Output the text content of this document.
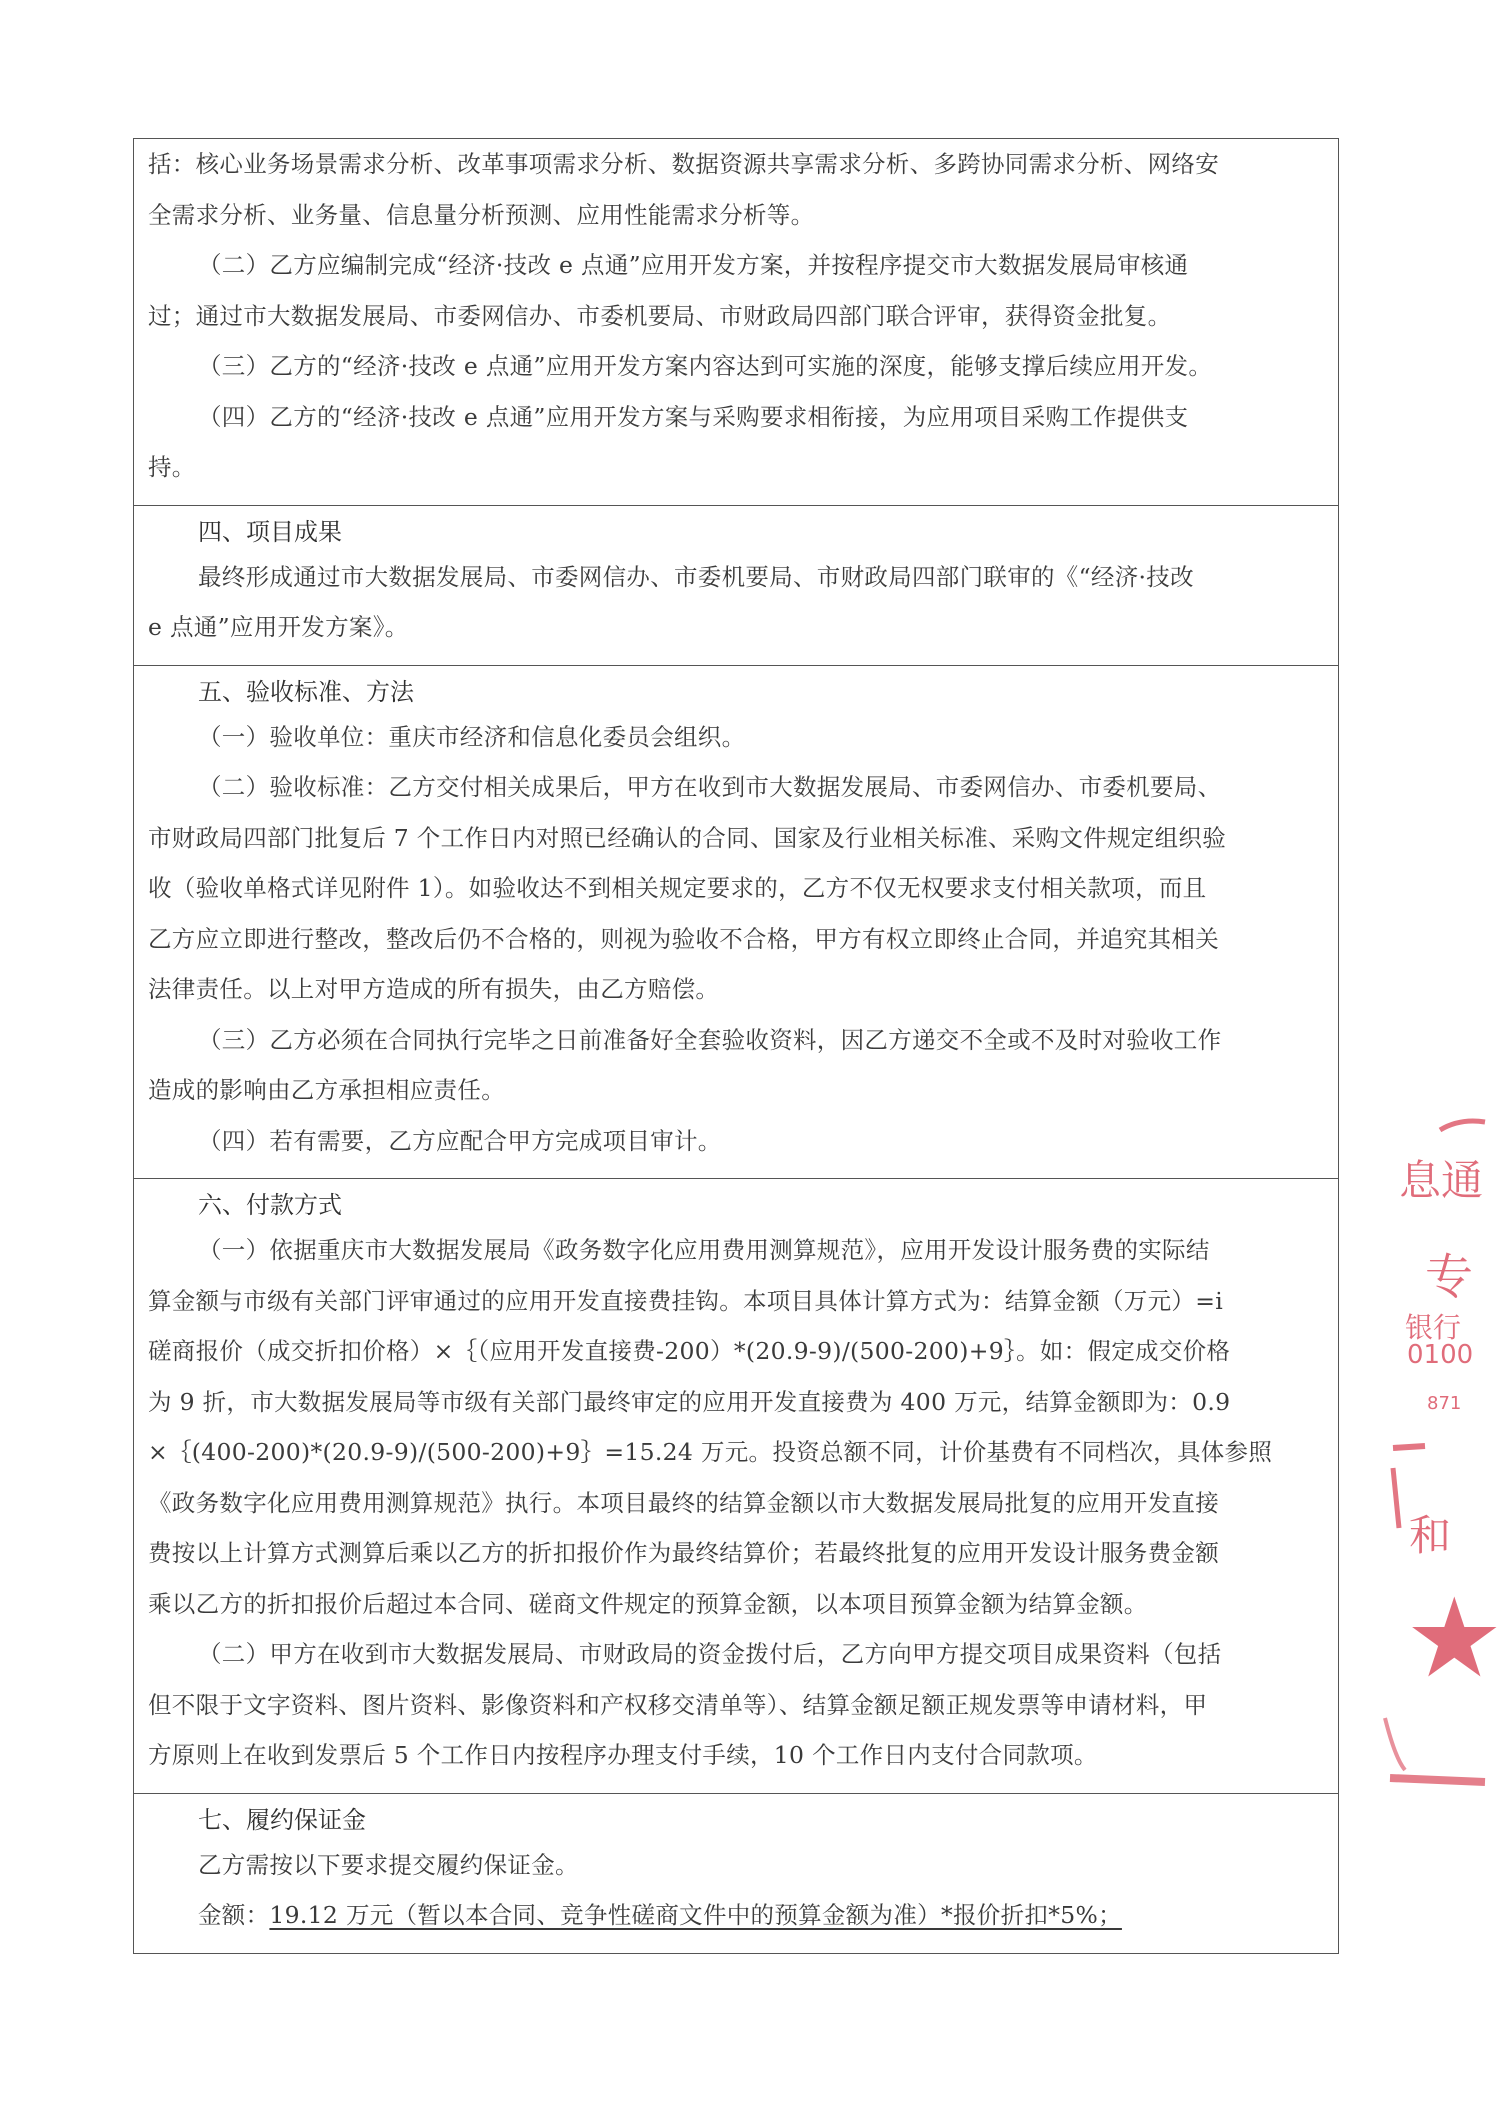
括：核心业务场景需求分析、改革事项需求分析、数据资源共享需求分析、多跨协同需求分析、网络安
全需求分析、业务量、信息量分析预测、应用性能需求分析等。
（二）乙方应编制完成“经济·技改 e 点通”应用开发方案，并按程序提交市大数据发展局审核通
过；通过市大数据发展局、市委网信办、市委机要局、市财政局四部门联合评审，获得资金批复。
（三）乙方的“经济·技改 e 点通”应用开发方案内容达到可实施的深度，能够支撑后续应用开发。
（四）乙方的“经济·技改 e 点通”应用开发方案与采购要求相衔接，为应用项目采购工作提供支
持。
四、项目成果
最终形成通过市大数据发展局、市委网信办、市委机要局、市财政局四部门联审的《“经济·技改
e 点通”应用开发方案》。
五、验收标准、方法
（一）验收单位：重庆市经济和信息化委员会组织。
（二）验收标准：乙方交付相关成果后，甲方在收到市大数据发展局、市委网信办、市委机要局、
市财政局四部门批复后 7 个工作日内对照已经确认的合同、国家及行业相关标准、采购文件规定组织验
收（验收单格式详见附件 1）。如验收达不到相关规定要求的，乙方不仅无权要求支付相关款项，而且
乙方应立即进行整改，整改后仍不合格的，则视为验收不合格，甲方有权立即终止合同，并追究其相关
法律责任。以上对甲方造成的所有损失，由乙方赔偿。
（三）乙方必须在合同执行完毕之日前准备好全套验收资料，因乙方递交不全或不及时对验收工作
造成的影响由乙方承担相应责任。
（四）若有需要，乙方应配合甲方完成项目审计。
六、付款方式
（一）依据重庆市大数据发展局《政务数字化应用费用测算规范》，应用开发设计服务费的实际结
算金额与市级有关部门评审通过的应用开发直接费挂钩。本项目具体计算方式为：结算金额（万元）=i
磋商报价（成交折扣价格）×｛（应用开发直接费-200）*(20.9-9)/(500-200)+9｝。如：假定成交价格
为 9 折，市大数据发展局等市级有关部门最终审定的应用开发直接费为 400 万元，结算金额即为：0.9
×｛(400-200)*(20.9-9)/(500-200)+9｝=15.24 万元。投资总额不同，计价基费有不同档次，具体参照
《政务数字化应用费用测算规范》执行。本项目最终的结算金额以市大数据发展局批复的应用开发直接
费按以上计算方式测算后乘以乙方的折扣报价作为最终结算价；若最终批复的应用开发设计服务费金额
乘以乙方的折扣报价后超过本合同、磋商文件规定的预算金额，以本项目预算金额为结算金额。
（二）甲方在收到市大数据发展局、市财政局的资金拨付后，乙方向甲方提交项目成果资料（包括
但不限于文字资料、图片资料、影像资料和产权移交清单等）、结算金额足额正规发票等申请材料，甲
方原则上在收到发票后 5 个工作日内按程序办理支付手续，10 个工作日内支付合同款项。
七、履约保证金
乙方需按以下要求提交履约保证金。
金额：19.12 万元（暂以本合同、竞争性磋商文件中的预算金额为准）*报价折扣*5%；
息通
专
银行
0100
871
和
★
